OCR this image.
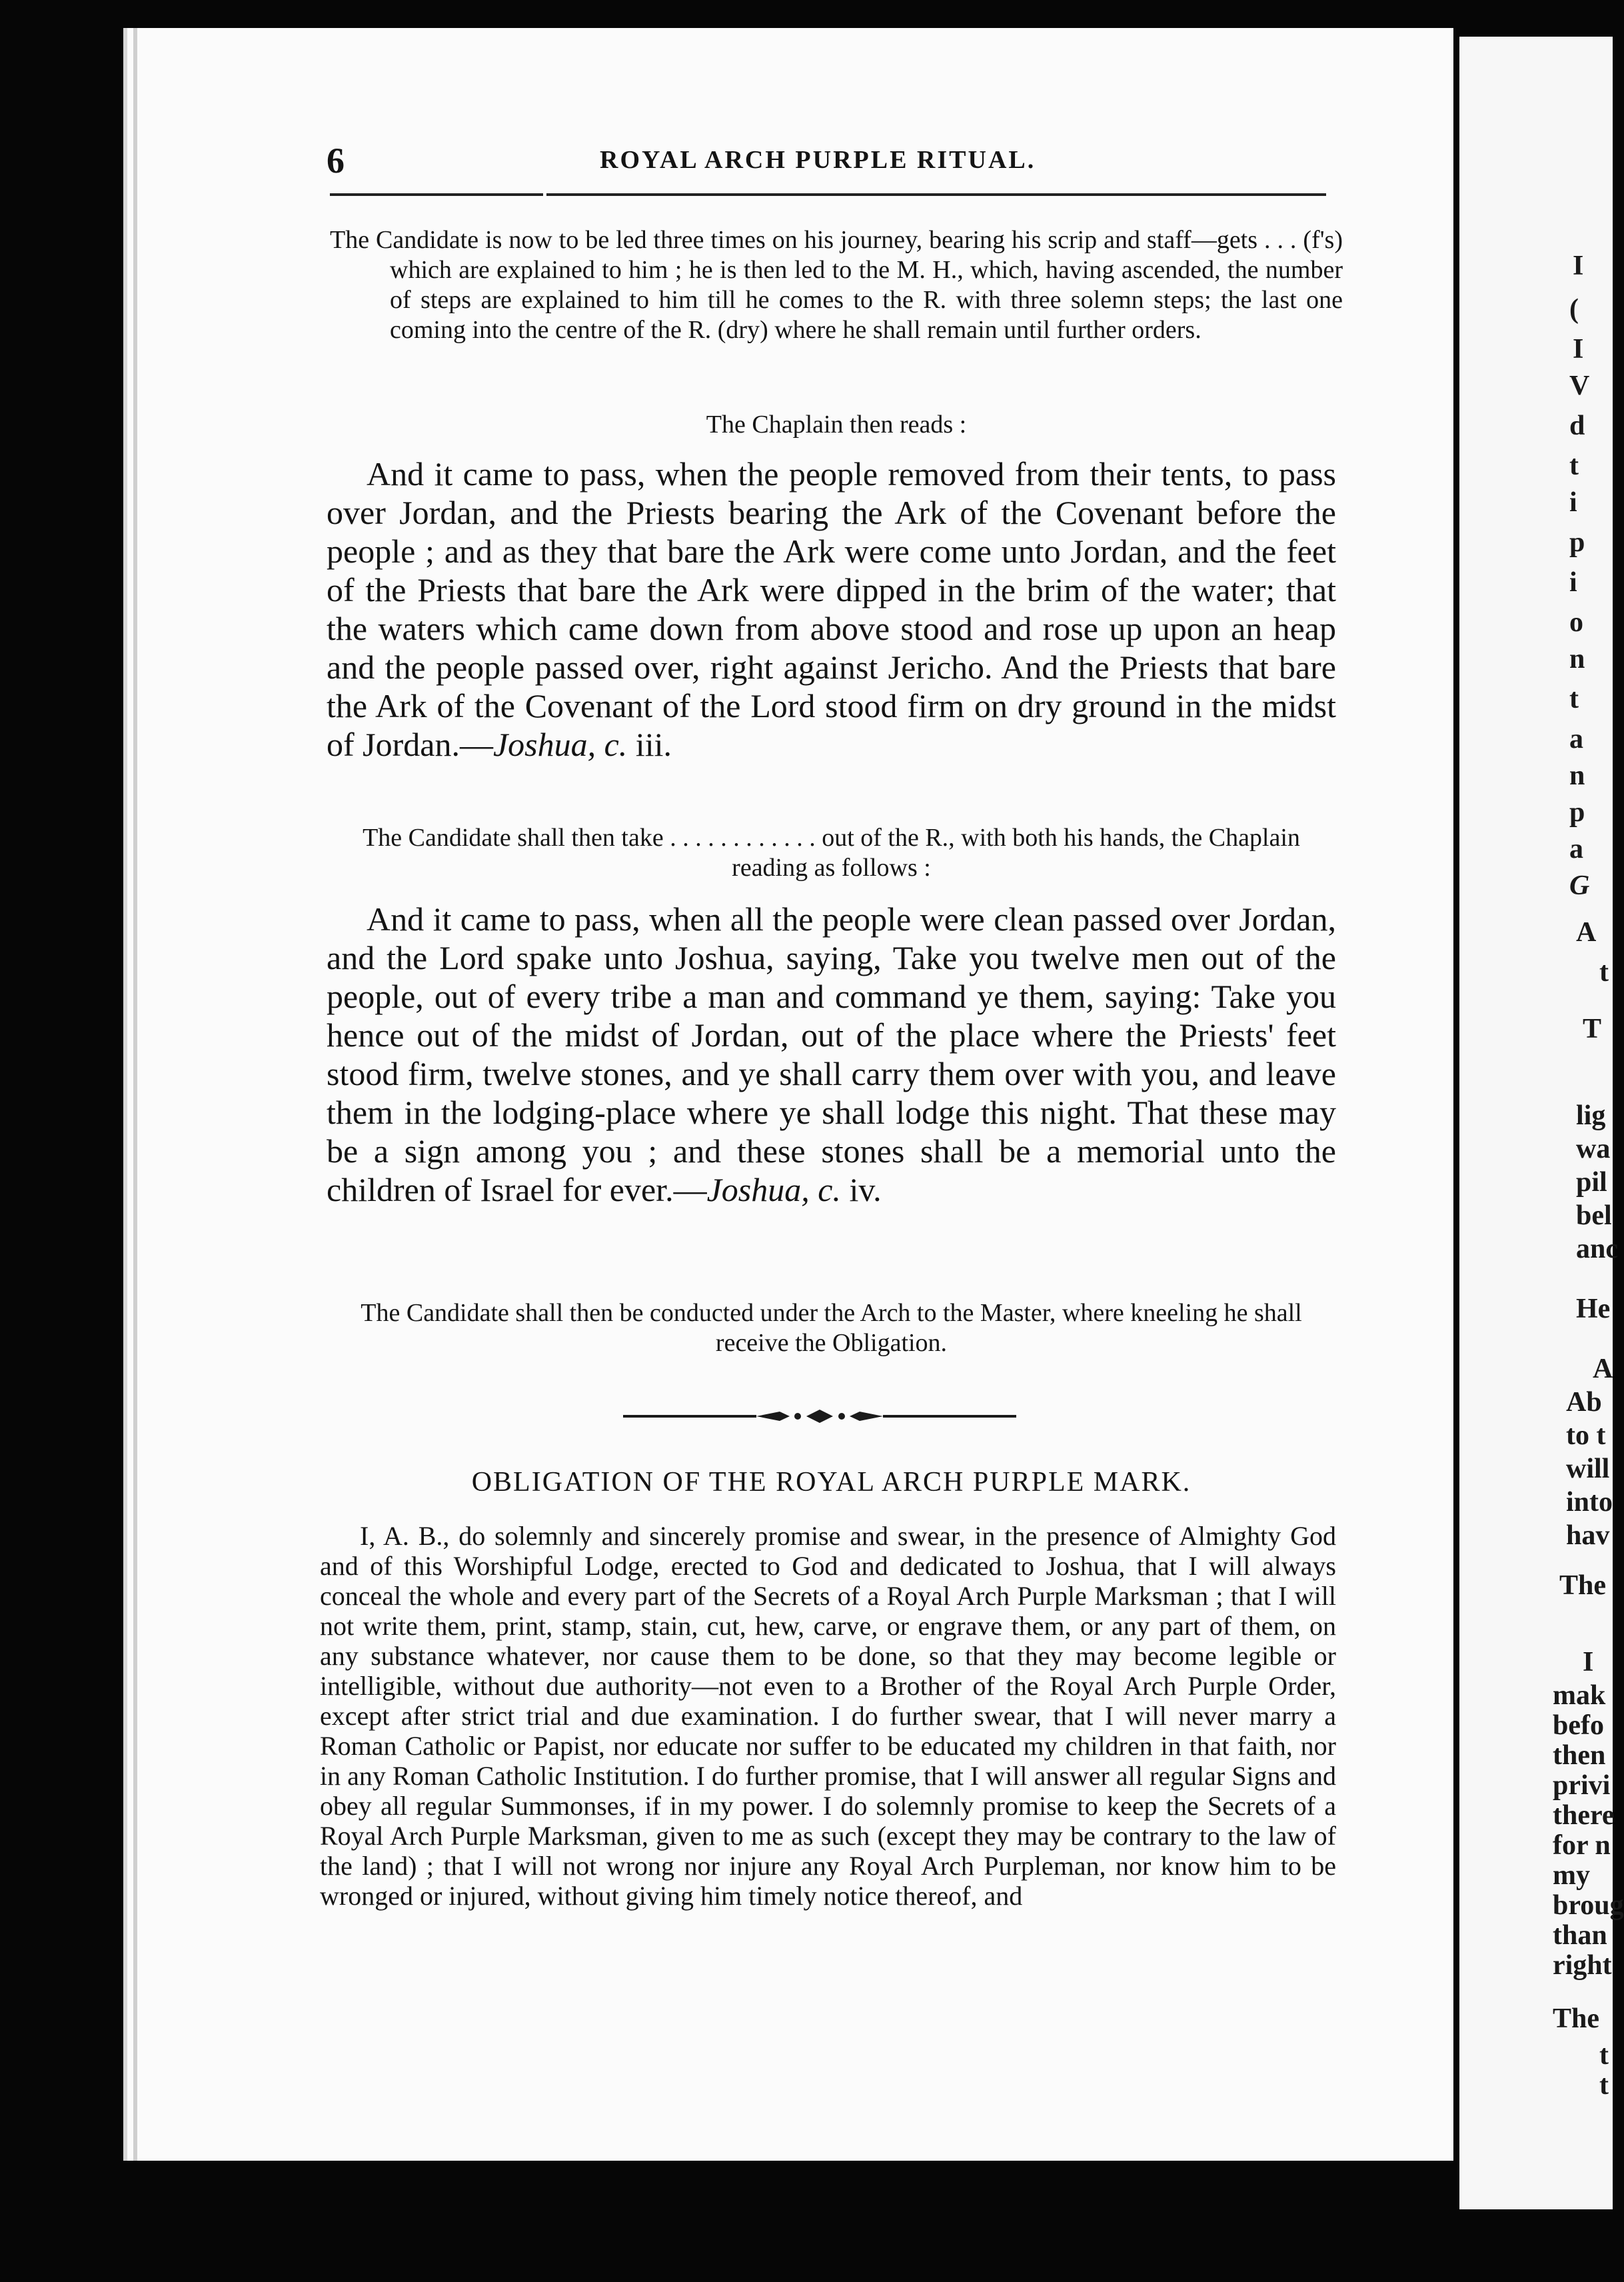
I
(
I
V
d
t
i
p
i
o
n
t
a
n
p
a
G
A
t
T
lig
wa
pil
bel
anc
He
A
Ab
to t
will
into
hav
The
I
mak
befo
then
privi
there
for n
my
broug
than
right
The
t
t
6	ROYAL ARCH PURPLE RITUAL.

The Candidate is now to be led three times on his journey, bearing his scrip and staff—gets . . . (f's) which are explained to him ; he is then led to the M. H., which, having ascended, the number of steps are explained to him till he comes to the R. with three solemn steps; the last one coming into the centre of the R. (dry) where he shall remain until further orders.

The Chaplain then reads :

And it came to pass, when the people removed from their tents, to pass over Jordan, and the Priests bearing the Ark of the Covenant before the people ; and as they that bare the Ark were come unto Jordan, and the feet of the Priests that bare the Ark were dipped in the brim of the water; that the waters which came down from above stood and rose up upon an heap and the people passed over, right against Jericho. And the Priests that bare the Ark of the Covenant of the Lord stood firm on dry ground in the midst of Jordan.—Joshua, c. iii.

The Candidate shall then take . . . . . . . . . . . . out of the R., with both his hands, the Chaplain reading as follows :

And it came to pass, when all the people were clean passed over Jordan, and the Lord spake unto Joshua, saying, Take you twelve men out of the people, out of every tribe a man and command ye them, saying: Take you hence out of the midst of Jordan, out of the place where the Priests' feet stood firm, twelve stones, and ye shall carry them over with you, and leave them in the lodging-place where ye shall lodge this night. That these may be a sign among you ; and these stones shall be a memorial unto the children of Israel for ever.—Joshua, c. iv.

The Candidate shall then be conducted under the Arch to the Master, where kneeling he shall receive the Obligation.

OBLIGATION OF THE ROYAL ARCH PURPLE MARK.

I, A. B., do solemnly and sincerely promise and swear, in the presence of Almighty God and of this Worshipful Lodge, erected to God and dedicated to Joshua, that I will always conceal the whole and every part of the Secrets of a Royal Arch Purple Marksman ; that I will not write them, print, stamp, stain, cut, hew, carve, or engrave them, or any part of them, on any substance whatever, nor cause them to be done, so that they may become legible or intelligible, without due authority—not even to a Brother of the Royal Arch Purple Order, except after strict trial and due examination. I do further swear, that I will never marry a Roman Catholic or Papist, nor educate nor suffer to be educated my children in that faith, nor in any Roman Catholic Institution. I do further promise, that I will answer all regular Signs and obey all regular Summonses, if in my power. I do solemnly promise to keep the Secrets of a Royal Arch Purple Marksman, given to me as such (except they may be contrary to the law of the land) ; that I will not wrong nor injure any Royal Arch Purpleman, nor know him to be wronged or injured, without giving him timely notice thereof, and
